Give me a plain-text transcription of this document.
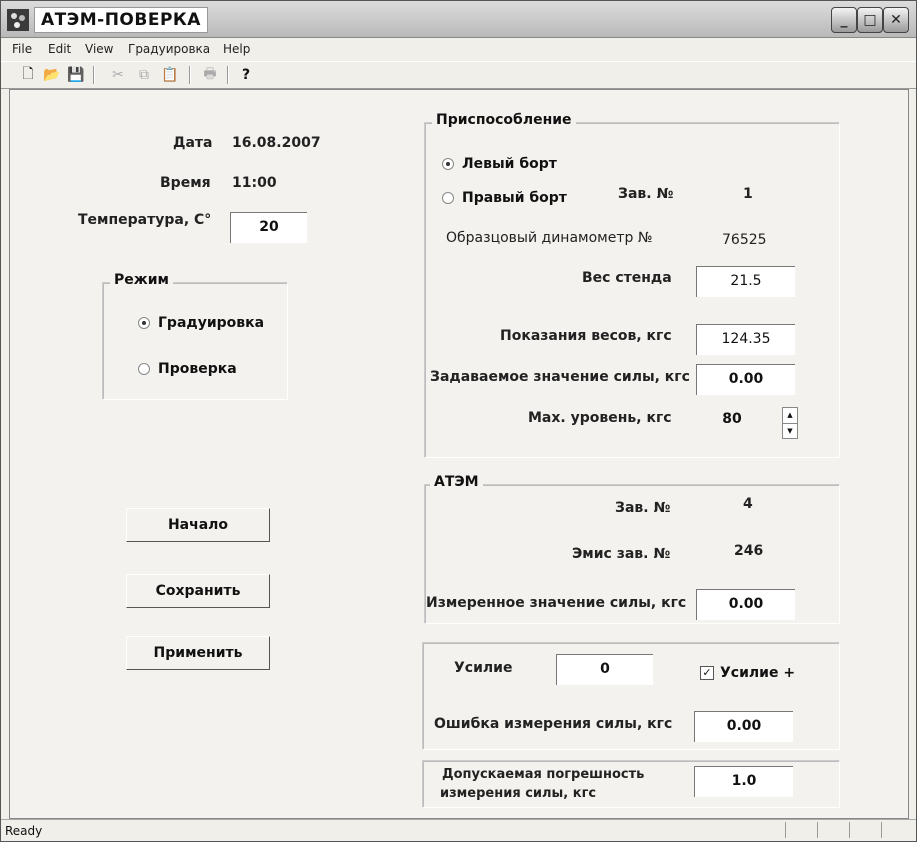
АТЭМ-ПОВЕРКА	_ □ ✕
File Edit View Градуировка Help
🗋 📂 💾 ✂ ⧉ 📋 🖶	?
Дата 16.08.2007
Время 11:00
Температура, С°	20
Режим
Градуировка
Проверка
Начало
Сохранить
Применить
Приспособление
Левый борт
Правый борт	Зав. №	1
Образцовый динамометр №	76525
Вес стенда	21.5
Показания весов, кгс	124.35
Задаваемое значение силы, кгс	0.00
Max. уровень, кгс	80	▲
▼
АТЭМ
Зав. №	4
Эмис зав. №	246
Измеренное значение силы, кгс	0.00
Усилие	0	✓ Усилие +
Ошибка измерения силы, кгс	0.00
Допускаемая погрешность
измерения силы, кгс
1.0
Ready
